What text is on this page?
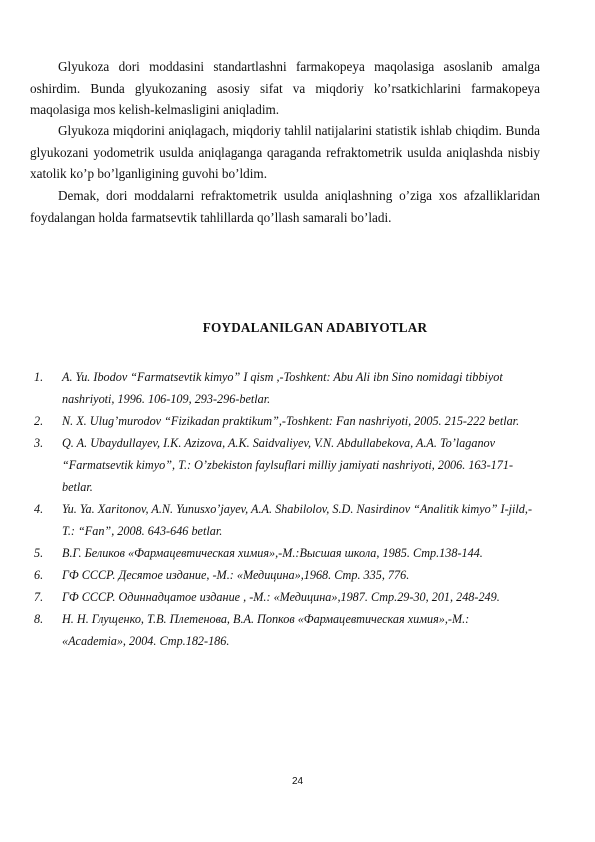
Glyukoza dori moddasini standartlashni farmakopeya maqolasiga asoslanib amalga oshirdim. Bunda glyukozaning asosiy sifat va miqdoriy ko’rsatkichlarini farmakopeya maqolasiga mos kelish-kelmasligini aniqladim.

Glyukoza miqdorini aniqlagach, miqdoriy tahlil natijalarini statistik ishlab chiqdim. Bunda glyukozani yodometrik usulda aniqlaganga qaraganda refraktometrik usulda aniqlashda nisbiy xatolik ko’p bo’lganligining guvohi bo’ldim.

Demak, dori moddalarni refraktometrik usulda aniqlashning o’ziga xos afzalliklaridan foydalangan holda farmatsevtik tahlillarda qo’llash samarali bo’ladi.

FOYDALANILGAN ADABIYOTLAR
1.	A. Yu. Ibodov “Farmatsevtik kimyo” I qism ,-Toshkent: Abu Ali ibn Sino nomidagi tibbiyot nashriyoti, 1996. 106-109, 293-296-betlar.
2.	N. X. Ulug’murodov “Fizikadan praktikum”,-Toshkent: Fan nashriyoti, 2005. 215-222 betlar.
3.	Q. A. Ubaydullayev, I.K. Azizova, A.K. Saidvaliyev, V.N. Abdullabekova, A.A. To’laganov “Farmatsevtik kimyo”, T.: O’zbekiston faylsuflari milliy jamiyati nashriyoti, 2006. 163-171-betlar.
4.	Yu. Ya. Xaritonov, A.N. Yunusxo’jayev, A.A. Shabilolov, S.D. Nasirdinov “Analitik kimyo” I-jild,-T.: “Fan”, 2008. 643-646 betlar.
5.	В.Г. Беликов «Фармацевтическая химия»,-М.:Высшая школа, 1985. Стр.138-144.
6.	ГФ СССР. Десятое издание, -М.: «Медицина»,1968. Стр. 335, 776.
7.	ГФ СССР. Одиннадцатое издание , -М.: «Медицина»,1987. Стр.29-30, 201, 248-249.
8.	Н. Н. Глущенко, Т.В. Плетенова, В.А. Попков «Фармацевтическая химия»,-М.: «Academia», 2004. Стр.182-186.

24
